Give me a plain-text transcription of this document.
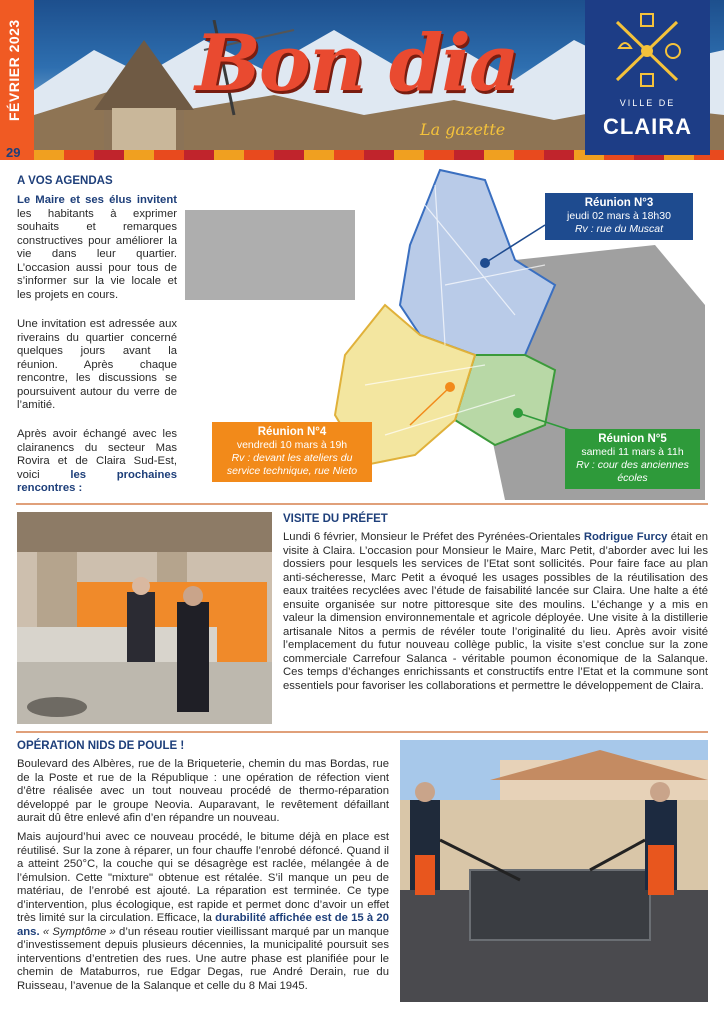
FÉVRIER 2023
29
Bon dia
La gazette
VILLE DE
CLAIRA
A VOS AGENDAS
Le Maire et ses élus invitent les habitants à exprimer souhaits et remarques constructives pour améliorer la vie dans leur quartier. L’occasion aussi pour tous de s’informer sur la vie locale et les projets en cours.
Une invitation est adressée aux riverains du quartier concerné quelques jours avant la réunion. Après chaque rencontre, les discussions se poursuivent autour du verre de l’amitié.
Après avoir échangé avec les clairanencs du secteur Mas Rovira et de Claira Sud-Est, voici les prochaines rencontres :
Réunion N°3
jeudi 02 mars à 18h30
Rv : rue du Muscat
Réunion N°4
vendredi 10 mars à 19h
Rv : devant les ateliers du service technique, rue Nieto
Réunion N°5
samedi 11 mars à 11h
Rv : cour des anciennes écoles
VISITE DU PRÉFET
Lundi 6 février, Monsieur le Préfet des Pyrénées-Orientales Rodrigue Furcy était en visite à Claira. L’occasion pour Monsieur le Maire, Marc Petit, d’aborder avec lui les dossiers pour lesquels les services de l’Etat sont sollicités. Pour faire face au plan anti-sécheresse, Marc Petit a évoqué les usages possibles de la réutilisation des eaux traitées recyclées avec l’étude de faisabilité lancée sur Claira. Une halte a été ensuite organisée sur notre pittoresque site des moulins. L’échange y a mis en valeur la dimension environnementale et agricole déployée. Une visite à la distillerie artisanale Nitos a permis de révéler toute l’originalité du lieu. Après avoir visité l’emplacement du futur nouveau collège public, la visite s’est conclue sur la zone commerciale Carrefour Salanca - véritable poumon économique de la Salanque. Ces temps d’échanges enrichissants et constructifs entre l’Etat et la commune sont essentiels pour favoriser les collaborations et permettre le développement de Claira.
OPÉRATION NIDS DE POULE !
Boulevard des Albères, rue de la Briqueterie, chemin du mas Bordas, rue de la Poste et rue de la République : une opération de réfection vient d’être réalisée avec un tout nouveau procédé de thermo-réparation développé par le groupe Neovia. Auparavant, le revêtement défaillant aurait dû être enlevé afin d’en répandre un nouveau.
Mais aujourd’hui avec ce nouveau procédé, le bitume déjà en place est réutilisé. Sur la zone à réparer, un four chauffe l’enrobé défoncé. Quand il a atteint 250°C, la couche qui se désagrège est raclée, mélangée à de l’émulsion. Cette "mixture" obtenue est rétalée. S’il manque un peu de matériau, de l’enrobé est ajouté. La réparation est terminée. Ce type d’intervention, plus écologique, est rapide et permet donc d’avoir un effet très limité sur la circulation. Efficace, la durabilité affichée est de 15 à 20 ans. « Symptôme » d’un réseau routier vieillissant marqué par un manque d’investissement depuis plusieurs décennies, la municipalité poursuit ses interventions d’entretien des rues. Une autre phase est planifiée pour le chemin de Mataburros, rue Edgar Degas, rue André Derain, rue du Ruisseau, l’avenue de la Salanque et celle du 8 Mai 1945.
